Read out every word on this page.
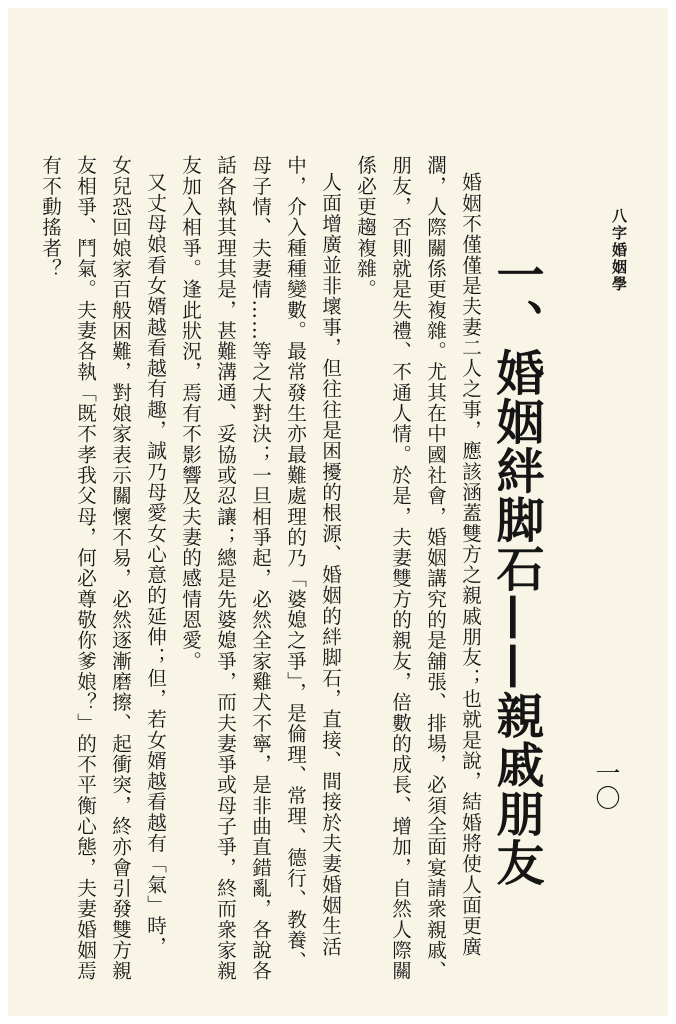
八字婚姻學
一〇
一、婚姻絆脚石——親戚朋友
婚姻不僅僅是夫妻二人之事，應該涵蓋雙方之親戚朋友；也就是說，結婚將使人面更廣
濶，人際關係更複雜。尤其在中國社會，婚姻講究的是舖張、排場，必須全面宴請衆親戚、
朋友，否則就是失禮、不通人情。於是，夫妻雙方的親友，倍數的成長、增加，自然人際關
係必更趨複雜。
人面增廣並非壞事，但往往是困擾的根源、婚姻的絆脚石，直接、間接於夫妻婚姻生活
中，介入種種變數。最常發生亦最難處理的乃「婆媳之爭」，是倫理、常理、德行、教養、
母子情、夫妻情……等之大對決；一旦相爭起，必然全家雞犬不寧，是非曲直錯亂，各說各
話各執其理其是，甚難溝通、妥協或忍讓；總是先婆媳爭，而夫妻爭或母子爭，終而衆家親
友加入相爭。逢此狀況，焉有不影響及夫妻的感情恩愛。
又丈母娘看女婿越看越有趣，誠乃母愛女心意的延伸；但，若女婿越看越有「氣」時，
女兒恐回娘家百般困難，對娘家表示關懷不易，必然逐漸磨擦、起衝突，終亦會引發雙方親
友相爭、鬥氣。夫妻各執「既不孝我父母，何必尊敬你爹娘？」的不平衡心態，夫妻婚姻焉
有不動搖者？
